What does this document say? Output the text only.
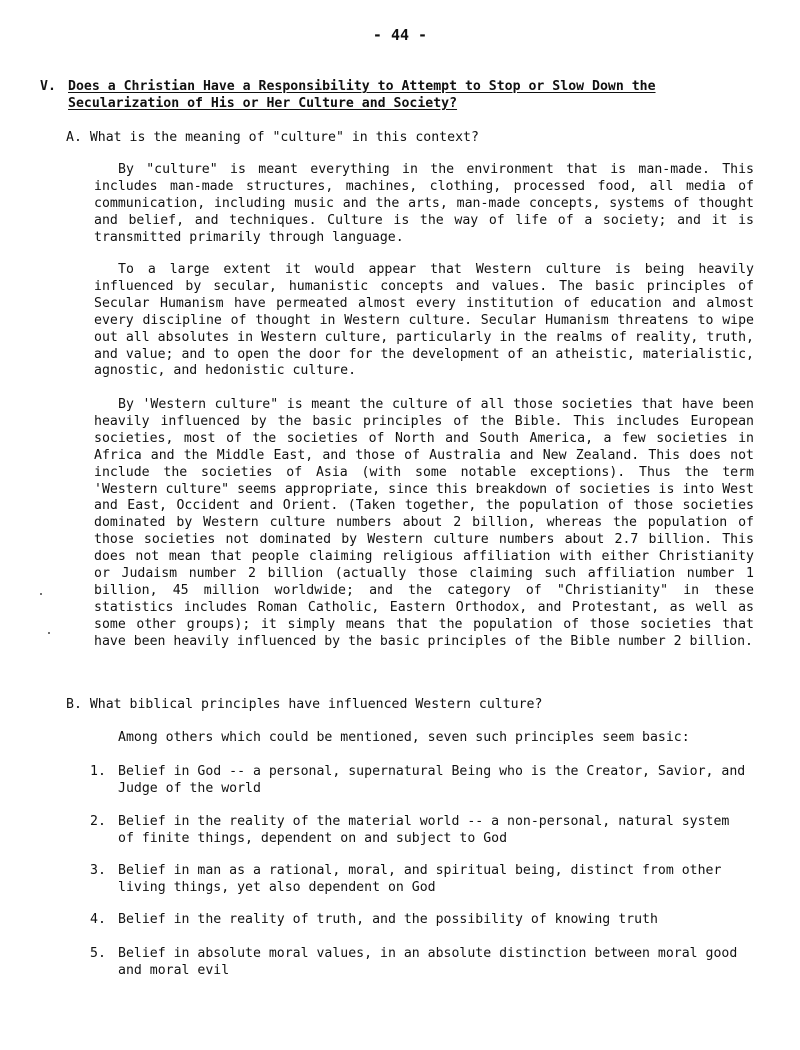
- 44 -
V. Does a Christian Have a Responsibility to Attempt to Stop or Slow Down the Secularization of His or Her Culture and Society?
A. What is the meaning of "culture" in this context?
By "culture" is meant everything in the environment that is man-made. This includes man-made structures, machines, clothing, processed food, all media of communication, including music and the arts, man-made concepts, systems of thought and belief, and techniques. Culture is the way of life of a society; and it is transmitted primarily through language.
To a large extent it would appear that Western culture is being heavily influenced by secular, humanistic concepts and values. The basic principles of Secular Humanism have permeated almost every institution of education and almost every discipline of thought in Western culture. Secular Humanism threatens to wipe out all absolutes in Western culture, particularly in the realms of reality, truth, and value; and to open the door for the development of an atheistic, materialistic, agnostic, and hedonistic culture.
By 'Western culture" is meant the culture of all those societies that have been heavily influenced by the basic principles of the Bible. This includes European societies, most of the societies of North and South America, a few societies in Africa and the Middle East, and those of Australia and New Zealand. This does not include the societies of Asia (with some notable exceptions). Thus the term 'Western culture" seems appropriate, since this breakdown of societies is into West and East, Occident and Orient. (Taken together, the population of those societies dominated by Western culture numbers about 2 billion, whereas the population of those societies not dominated by Western culture numbers about 2.7 billion. This does not mean that people claiming religious affiliation with either Christianity or Judaism number 2 billion (actually those claiming such affiliation number 1 billion, 45 million worldwide; and the category of "Christianity" in these statistics includes Roman Catholic, Eastern Orthodox, and Protestant, as well as some other groups); it simply means that the population of those societies that have been heavily influenced by the basic principles of the Bible number 2 billion.
B. What biblical principles have influenced Western culture?
Among others which could be mentioned, seven such principles seem basic:
1. Belief in God -- a personal, supernatural Being who is the Creator, Savior, and Judge of the world
2. Belief in the reality of the material world -- a non-personal, natural system of finite things, dependent on and subject to God
3. Belief in man as a rational, moral, and spiritual being, distinct from other living things, yet also dependent on God
4. Belief in the reality of truth, and the possibility of knowing truth
5. Belief in absolute moral values, in an absolute distinction between moral good and moral evil
